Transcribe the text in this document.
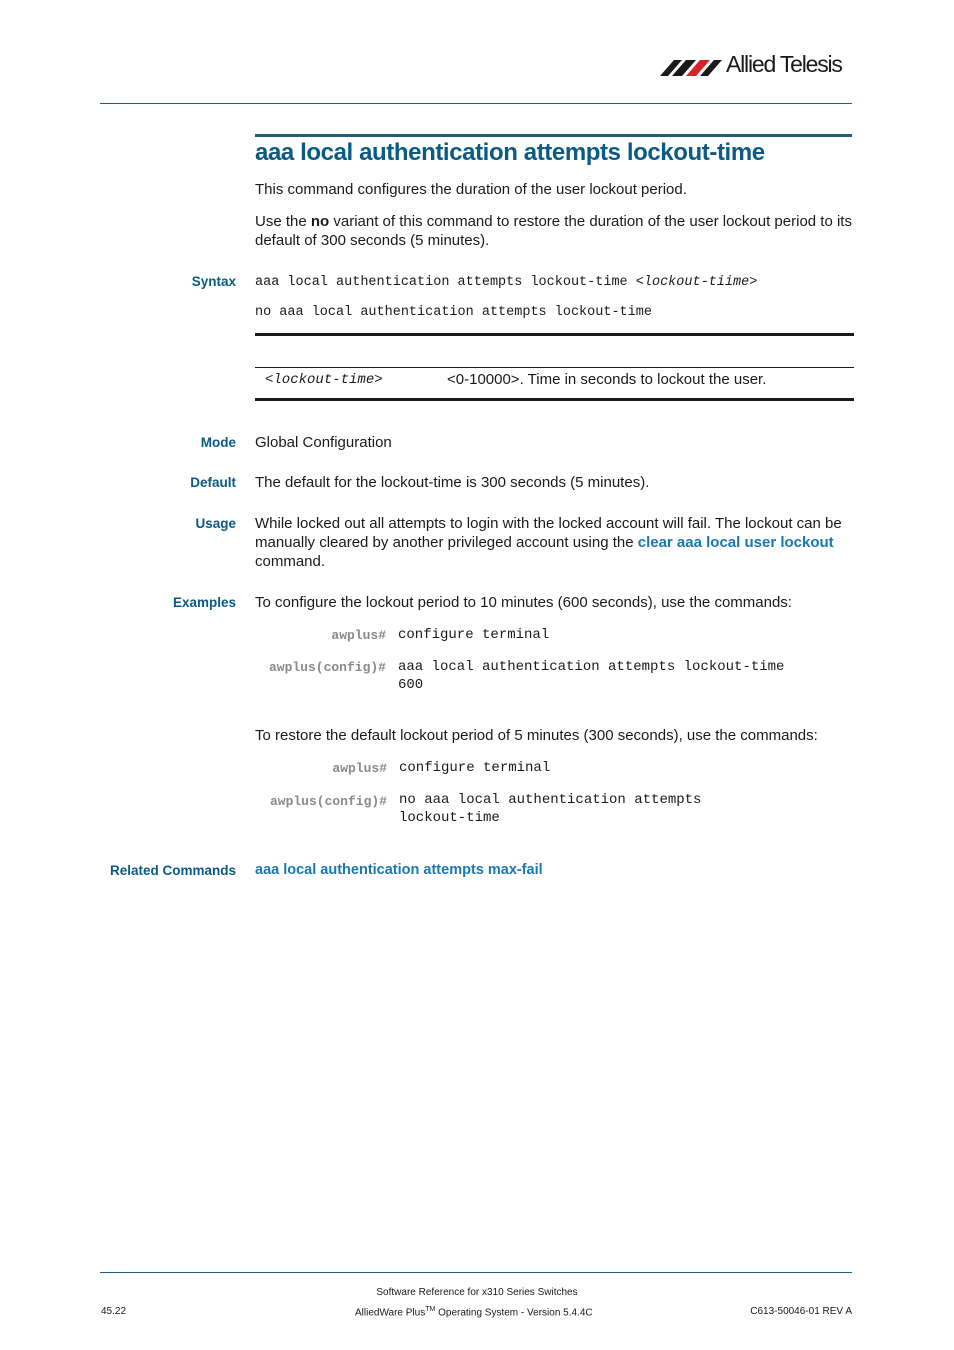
Allied Telesis
aaa local authentication attempts lockout-time
This command configures the duration of the user lockout period.
Use the no variant of this command to restore the duration of the user lockout period to its default of 300 seconds (5 minutes).
Syntax aaa local authentication attempts lockout-time <lockout-tiime>
no aaa local authentication attempts lockout-time
<lockout-time>	<0-10000>. Time in seconds to lockout the user.
Mode Global Configuration
Default The default for the lockout-time is 300 seconds (5 minutes).
Usage While locked out all attempts to login with the locked account will fail. The lockout can be manually cleared by another privileged account using the clear aaa local user lockout command.
Examples To configure the lockout period to 10 minutes (600 seconds), use the commands:
awplus# configure terminal
awplus(config)# aaa local authentication attempts lockout-time
600
To restore the default lockout period of 5 minutes (300 seconds), use the commands:
awplus# configure terminal
awplus(config)# no aaa local authentication attempts
lockout-time
Related Commands aaa local authentication attempts max-fail
Software Reference for x310 Series Switches
45.22	AlliedWare Plus™ Operating System - Version 5.4.4C	C613-50046-01 REV A
